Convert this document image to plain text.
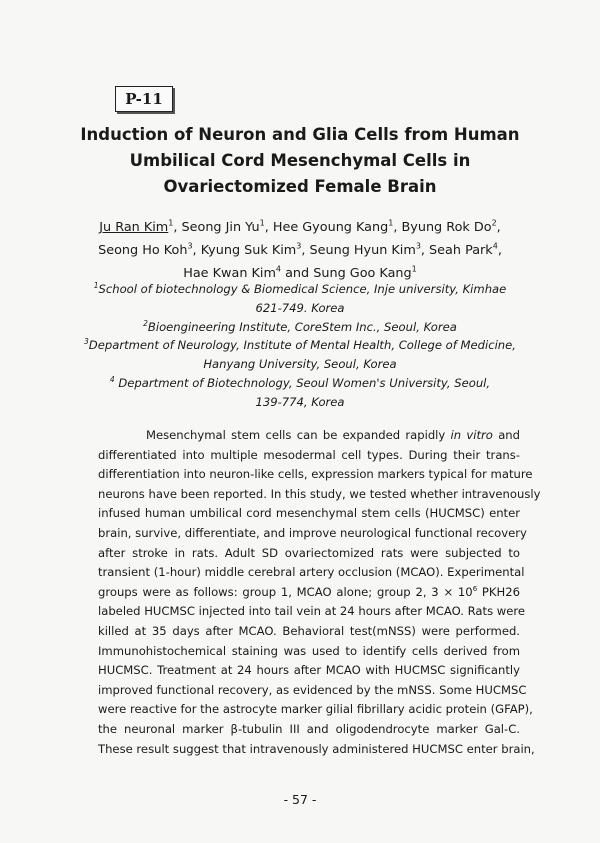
P-11
Induction of Neuron and Glia Cells from Human
Umbilical Cord Mesenchymal Cells in
Ovariectomized Female Brain
Ju Ran Kim$^1$, Seong Jin Yu$^1$, Hee Gyoung Kang$^1$, Byung Rok Do$^2$,
Seong Ho Koh$^3$, Kyung Suk Kim$^3$, Seung Hyun Kim$^3$, Seah Park$^4$,
Hae Kwan Kim$^4$ and Sung Goo Kang$^1$
$^1$School of biotechnology & Biomedical Science, Inje university, Kimhae
621-749. Korea
$^2$Bioengineering Institute, CoreStem Inc., Seoul, Korea
$^3$Department of Neurology, Institute of Mental Health, College of Medicine,
Hanyang University, Seoul, Korea
$^4$ Department of Biotechnology, Seoul Women's University, Seoul,
139-774, Korea
Mesenchymal stem cells can be expanded rapidly in vitro and
differentiated into multiple mesodermal cell types. During their trans-
differentiation into neuron-like cells, expression markers typical for mature
neurons have been reported. In this study, we tested whether intravenously
infused human umbilical cord mesenchymal stem cells (HUCMSC) enter
brain, survive, differentiate, and improve neurological functional recovery
after stroke in rats. Adult SD ovariectomized rats were subjected to
transient (1-hour) middle cerebral artery occlusion (MCAO). Experimental
groups were as follows: group 1, MCAO alone; group 2, $3 \times 10^6$ PKH26
labeled HUCMSC injected into tail vein at 24 hours after MCAO. Rats were
killed at 35 days after MCAO. Behavioral test(mNSS) were performed.
Immunohistochemical staining was used to identify cells derived from
HUCMSC. Treatment at 24 hours after MCAO with HUCMSC significantly
improved functional recovery, as evidenced by the mNSS. Some HUCMSC
were reactive for the astrocyte marker gilial fibrillary acidic protein (GFAP),
the neuronal marker β-tubulin III and oligodendrocyte marker Gal-C.
These result suggest that intravenously administered HUCMSC enter brain,
- 57 -
